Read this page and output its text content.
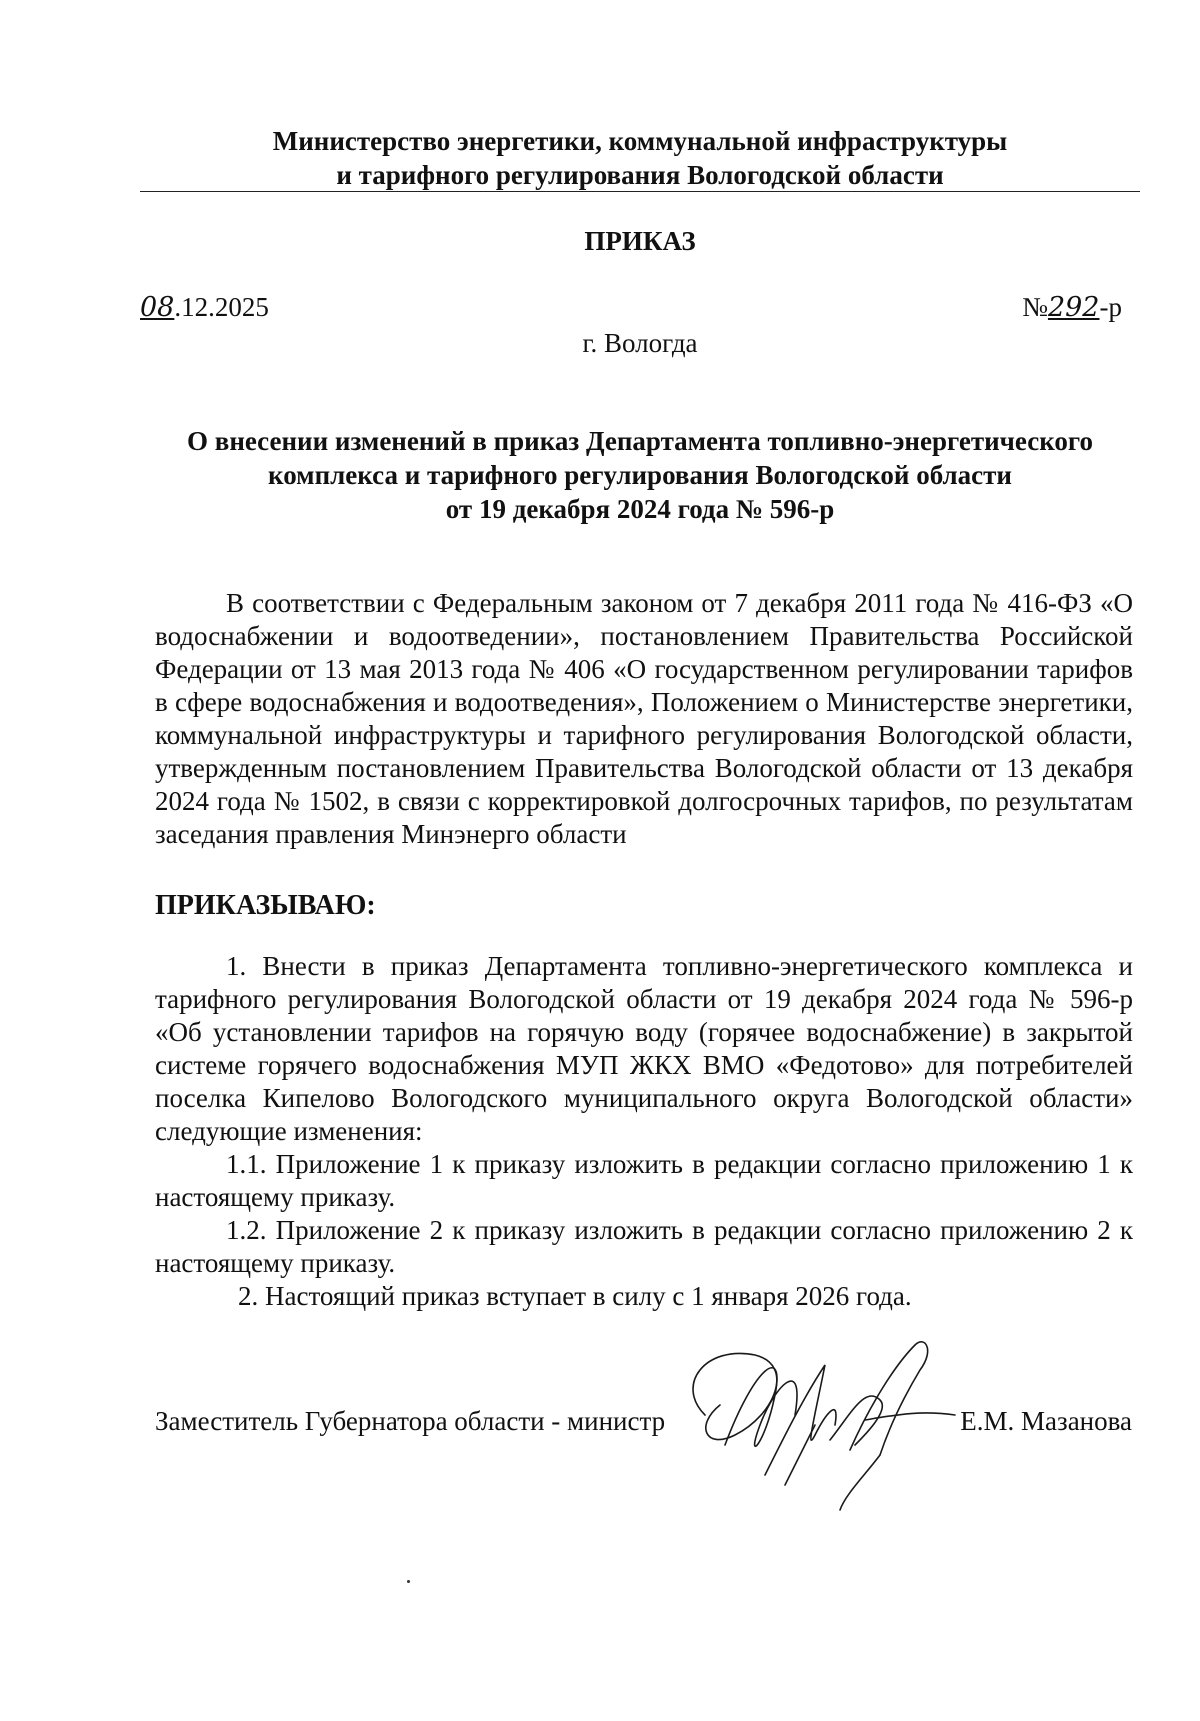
Министерство энергетики, коммунальной инфраструктуры
и тарифного регулирования Вологодской области
ПРИКАЗ
08.12.2025	№292-р
г. Вологда
О внесении изменений в приказ Департамента топливно-энергетического
комплекса и тарифного регулирования Вологодской области
от 19 декабря 2024 года № 596-р
В соответствии с Федеральным законом от 7 декабря 2011 года № 416-ФЗ «О водоснабжении и водоотведении», постановлением Правительства Российской Федерации от 13 мая 2013 года № 406 «О государственном регулировании тарифов в сфере водоснабжения и водоотведения», Положением о Министерстве энергетики, коммунальной инфраструктуры и тарифного регулирования Вологодской области, утвержденным постановлением Правительства Вологодской области от 13 декабря 2024 года № 1502, в связи с корректировкой долгосрочных тарифов, по результатам заседания правления Минэнерго области
ПРИКАЗЫВАЮ:

1. Внести в приказ Департамента топливно-энергетического комплекса и тарифного регулирования Вологодской области от 19 декабря 2024 года № 596-р «Об установлении тарифов на горячую воду (горячее водоснабжение) в закрытой системе горячего водоснабжения МУП ЖКХ ВМО «Федотово» для потребителей поселка Кипелово Вологодского муниципального округа Вологодской области» следующие изменения:

1.1. Приложение 1 к приказу изложить в редакции согласно приложению 1 к настоящему приказу.

1.2. Приложение 2 к приказу изложить в редакции согласно приложению 2 к настоящему приказу.

2. Настоящий приказ вступает в силу с 1 января 2026 года.

Заместитель Губернатора области - министр	Е.М. Мазанова
